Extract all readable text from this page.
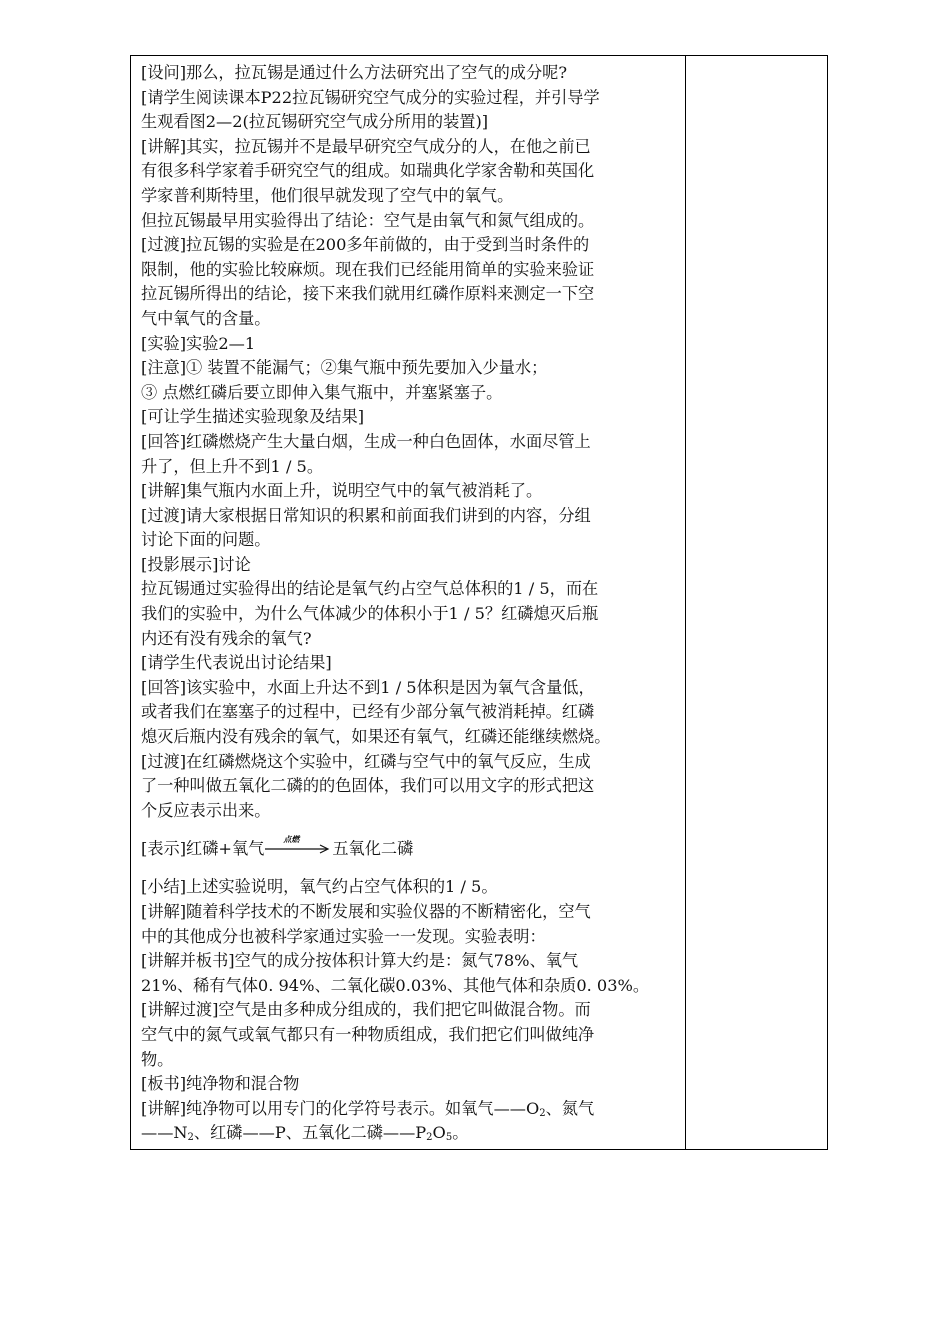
[设问]那么，拉瓦锡是通过什么方法研究出了空气的成分呢?
[请学生阅读课本P22拉瓦锡研究空气成分的实验过程，并引导学
生观看图2—2(拉瓦锡研究空气成分所用的装置)]
[讲解]其实，拉瓦锡并不是最早研究空气成分的人，在他之前已
有很多科学家着手研究空气的组成。如瑞典化学家舍勒和英国化
学家普利斯特里，他们很早就发现了空气中的氧气。
但拉瓦锡最早用实验得出了结论：空气是由氧气和氮气组成的。
[过渡]拉瓦锡的实验是在200多年前做的，由于受到当时条件的
限制，他的实验比较麻烦。现在我们已经能用简单的实验来验证
拉瓦锡所得出的结论，接下来我们就用红磷作原料来测定一下空
气中氧气的含量。
[实验]实验2—1
[注意]① 装置不能漏气；②集气瓶中预先要加入少量水；
③ 点燃红磷后要立即伸入集气瓶中，并塞紧塞子。
[可让学生描述实验现象及结果]
[回答]红磷燃烧产生大量白烟，生成一种白色固体，水面尽管上
升了，但上升不到1 / 5。
[讲解]集气瓶内水面上升，说明空气中的氧气被消耗了。
[过渡]请大家根据日常知识的积累和前面我们讲到的内容，分组
讨论下面的问题。
[投影展示]讨论
拉瓦锡通过实验得出的结论是氧气约占空气总体积的1 / 5，而在
我们的实验中，为什么气体减少的体积小于1 / 5？红磷熄灭后瓶
内还有没有残余的氧气?
[请学生代表说出讨论结果]
[回答]该实验中，水面上升达不到1 / 5体积是因为氧气含量低，
或者我们在塞塞子的过程中，已经有少部分氧气被消耗掉。红磷
熄灭后瓶内没有残余的氧气，如果还有氧气，红磷还能继续燃烧。
[过渡]在红磷燃烧这个实验中，红磷与空气中的氧气反应，生成
了一种叫做五氧化二磷的的色固体，我们可以用文字的形式把这
个反应表示出来。
[表示]红磷+氧气 点燃 五氧化二磷
[小结]上述实验说明，氧气约占空气体积的1 / 5。
[讲解]随着科学技术的不断发展和实验仪器的不断精密化，空气
中的其他成分也被科学家通过实验一一发现。实验表明：
[讲解并板书]空气的成分按体积计算大约是：氮气78%、氧气
21%、稀有气体0. 94%、二氧化碳0.03%、其他气体和杂质0. 03%。
[讲解过渡]空气是由多种成分组成的，我们把它叫做混合物。而
空气中的氮气或氧气都只有一种物质组成，我们把它们叫做纯净
物。
[板书]纯净物和混合物
[讲解]纯净物可以用专门的化学符号表示。如氧气$——O_2$、氮气
$——N_2$、红磷——P、五氧化二磷$——P_2O_5$。
